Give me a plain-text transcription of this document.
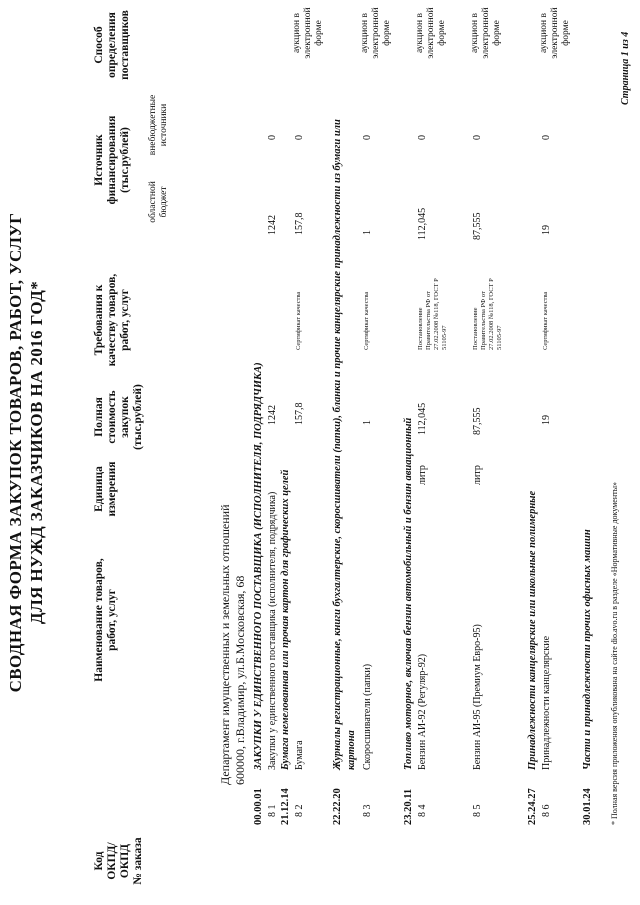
СВОДНАЯ ФОРМА ЗАКУПОК ТОВАРОВ, РАБОТ, УСЛУГ ДЛЯ НУЖД ЗАКАЗЧИКОВ НА 2016 ГОД*
Код ОКПД/ ОКПД № заказа
Наименование товаров, работ, услуг
Единица измерения
Полная стоимость закупок (тыс.рублей)
Требования к качеству товаров, работ, услуг
Источник финансирования (тыс.рублей)
областной бюджет
внебюджетные источники
Способ определения поставщиков
Департамент имущественных и земельных отношений 600000, г.Владимир, ул.Б.Московская, 68
00.00.01
ЗАКУПКИ У ЕДИНСТВЕННОГО ПОСТАВЩИКА (ИСПОЛНИТЕЛЯ, ПОДРЯДЧИКА)
8 1
Закупки у единственного поставщика (исполнителя, подрядчика)
1242
1242
0
21.12.14
Бумага немелованная или прочая картон для графических целей
8 2
Бумага
157,8
Сертификат качества
157,8
0
аукцион в электронной форме
22.22.20
Журналы регистрационные, книги бухгалтерские, скоросшиватели (папки), бланки и прочие канцелярские принадлежности из бумаги или картона
8 3
Скоросшиватели (папки)
1
Сертификат качества
1
0
аукцион в электронной форме
23.20.11
Топливо моторное, включая бензин автомобильный и бензин авиационный
8 4
Бензин АИ-92 (Регуляр-92)
литр
112,045
Постановление Правительства РФ от 27.02.2008 №118, ГОСТ Р 51105-97
112,045
0
аукцион в электронной форме
8 5
Бензин АИ-95 (Премиум Евро-95)
литр
87,555
Постановление Правительства РФ от 27.02.2008 №118, ГОСТ Р 51105-97
87,555
0
аукцион в электронной форме
25.24.27
Принадлежности канцелярские или школьные полимерные
8 6
Принадлежности канцелярские
19
Сертификат качества
19
0
аукцион в электронной форме
30.01.24
Части и принадлежности прочих офисных машин * Полная версия приложения опубликована на сайте dio.avo.ru в разделе «Нормативные документы»
Страница 1 из 4
